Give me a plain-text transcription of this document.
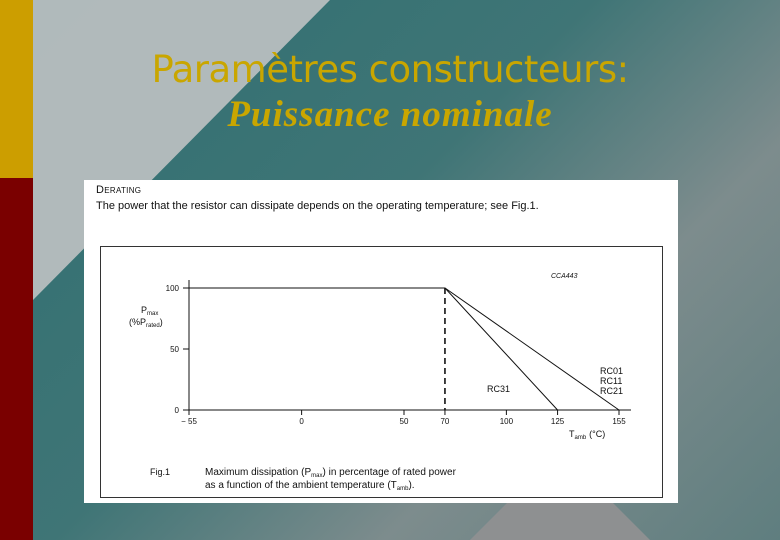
Paramètres constructeurs:
Puissance nominale
Derating
The power that the resistor can dissipate depends on the operating temperature; see Fig.1.
0
50
100
− 55	0	50	70	100	125	155
CCA443
$P_{max}$
$(\%P_{rated})$
$T_{amb}$ (°C)
RC31
RC01
RC11
RC21
Fig.1	Maximum dissipation $(P_{max})$ in percentage of rated power
as a function of the ambient temperature $(T_{amb})$.
